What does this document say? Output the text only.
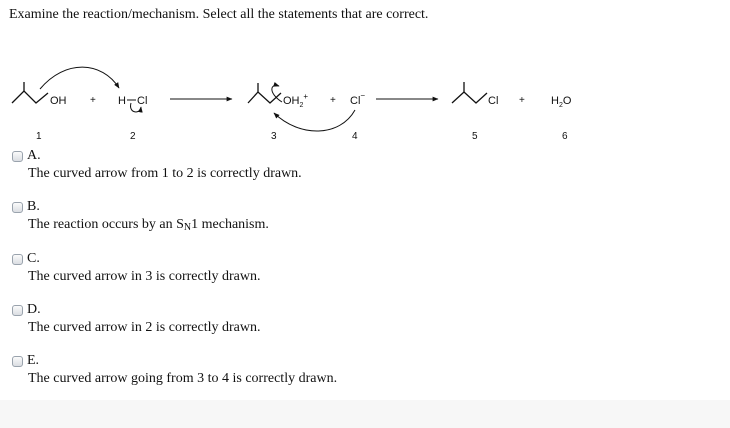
Examine the reaction/mechanism. Select all the statements that are correct.
OH + H Cl	$OH_2^+ + Cl^-$	$Cl + H_2O$
1	2	3	4	5	6
A.
The curved arrow from 1 to 2 is correctly drawn.
B.
The reaction occurs by an $S_N1$ mechanism.
C.
The curved arrow in 3 is correctly drawn.
D.
The curved arrow in 2 is correctly drawn.
E.
The curved arrow going from 3 to 4 is correctly drawn.
